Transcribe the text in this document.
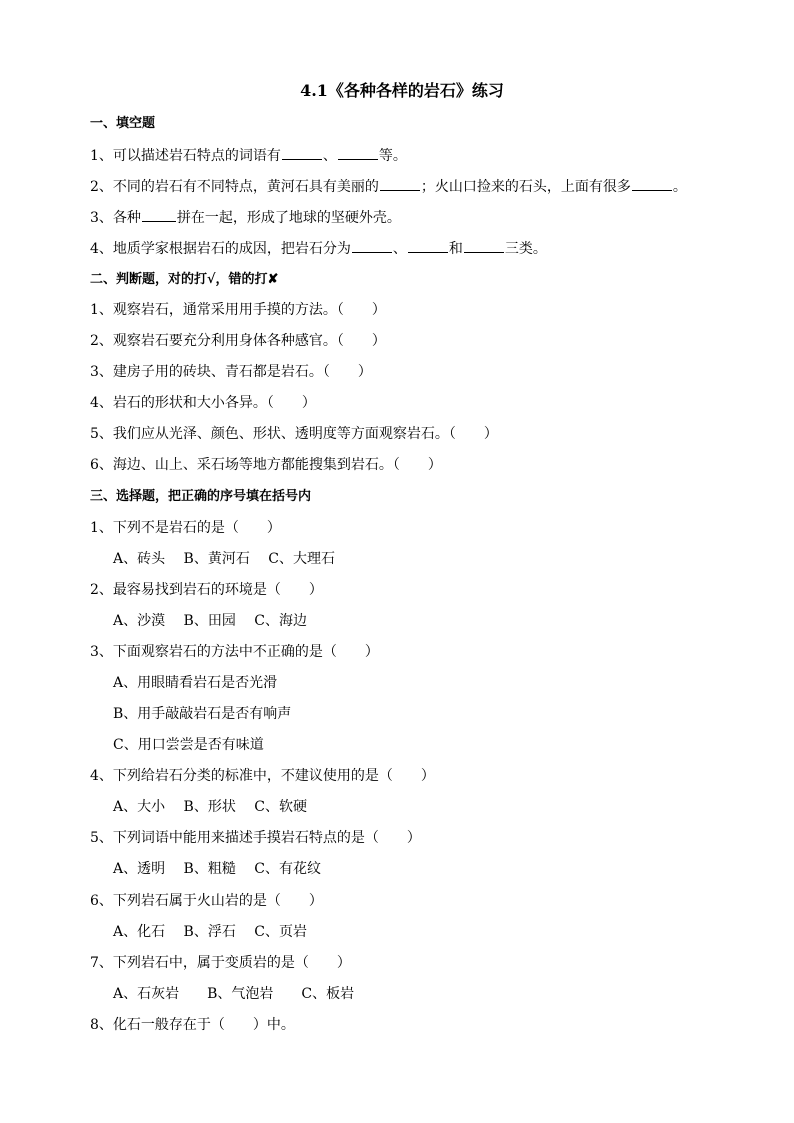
4.1《各种各样的岩石》练习
一、填空题
1、可以描述岩石特点的词语有	、	等。
2、不同的岩石有不同特点，黄河石具有美丽的	；火山口捡来的石头，上面有很多	。
3、各种	拼在一起，形成了地球的坚硬外壳。
4、地质学家根据岩石的成因，把岩石分为	、	和	三类。
二、判断题，对的打√，错的打✘
1、观察岩石，通常采用用手摸的方法。（　　）
2、观察岩石要充分利用身体各种感官。（　　）
3、建房子用的砖块、青石都是岩石。（　　）
4、岩石的形状和大小各异。（　　）
5、我们应从光泽、颜色、形状、透明度等方面观察岩石。（　　）
6、海边、山上、采石场等地方都能搜集到岩石。（　　）
三、选择题，把正确的序号填在括号内
1、下列不是岩石的是（　　）
A、砖头　 B、黄河石　 C、大理石
2、最容易找到岩石的环境是（　　）
A、沙漠　 B、田园　 C、海边
3、下面观察岩石的方法中不正确的是（　　）
A、用眼睛看岩石是否光滑
B、用手敲敲岩石是否有响声
C、用口尝尝是否有味道
4、下列给岩石分类的标准中，不建议使用的是（　　）
A、大小　 B、形状　 C、软硬
5、下列词语中能用来描述手摸岩石特点的是（　　）
A、透明　 B、粗糙　 C、有花纹
6、下列岩石属于火山岩的是（　　）
A、化石　 B、浮石　 C、页岩
7、下列岩石中，属于变质岩的是（　　）
A、石灰岩　　B、气泡岩　　C、板岩
8、化石一般存在于（　　）中。
